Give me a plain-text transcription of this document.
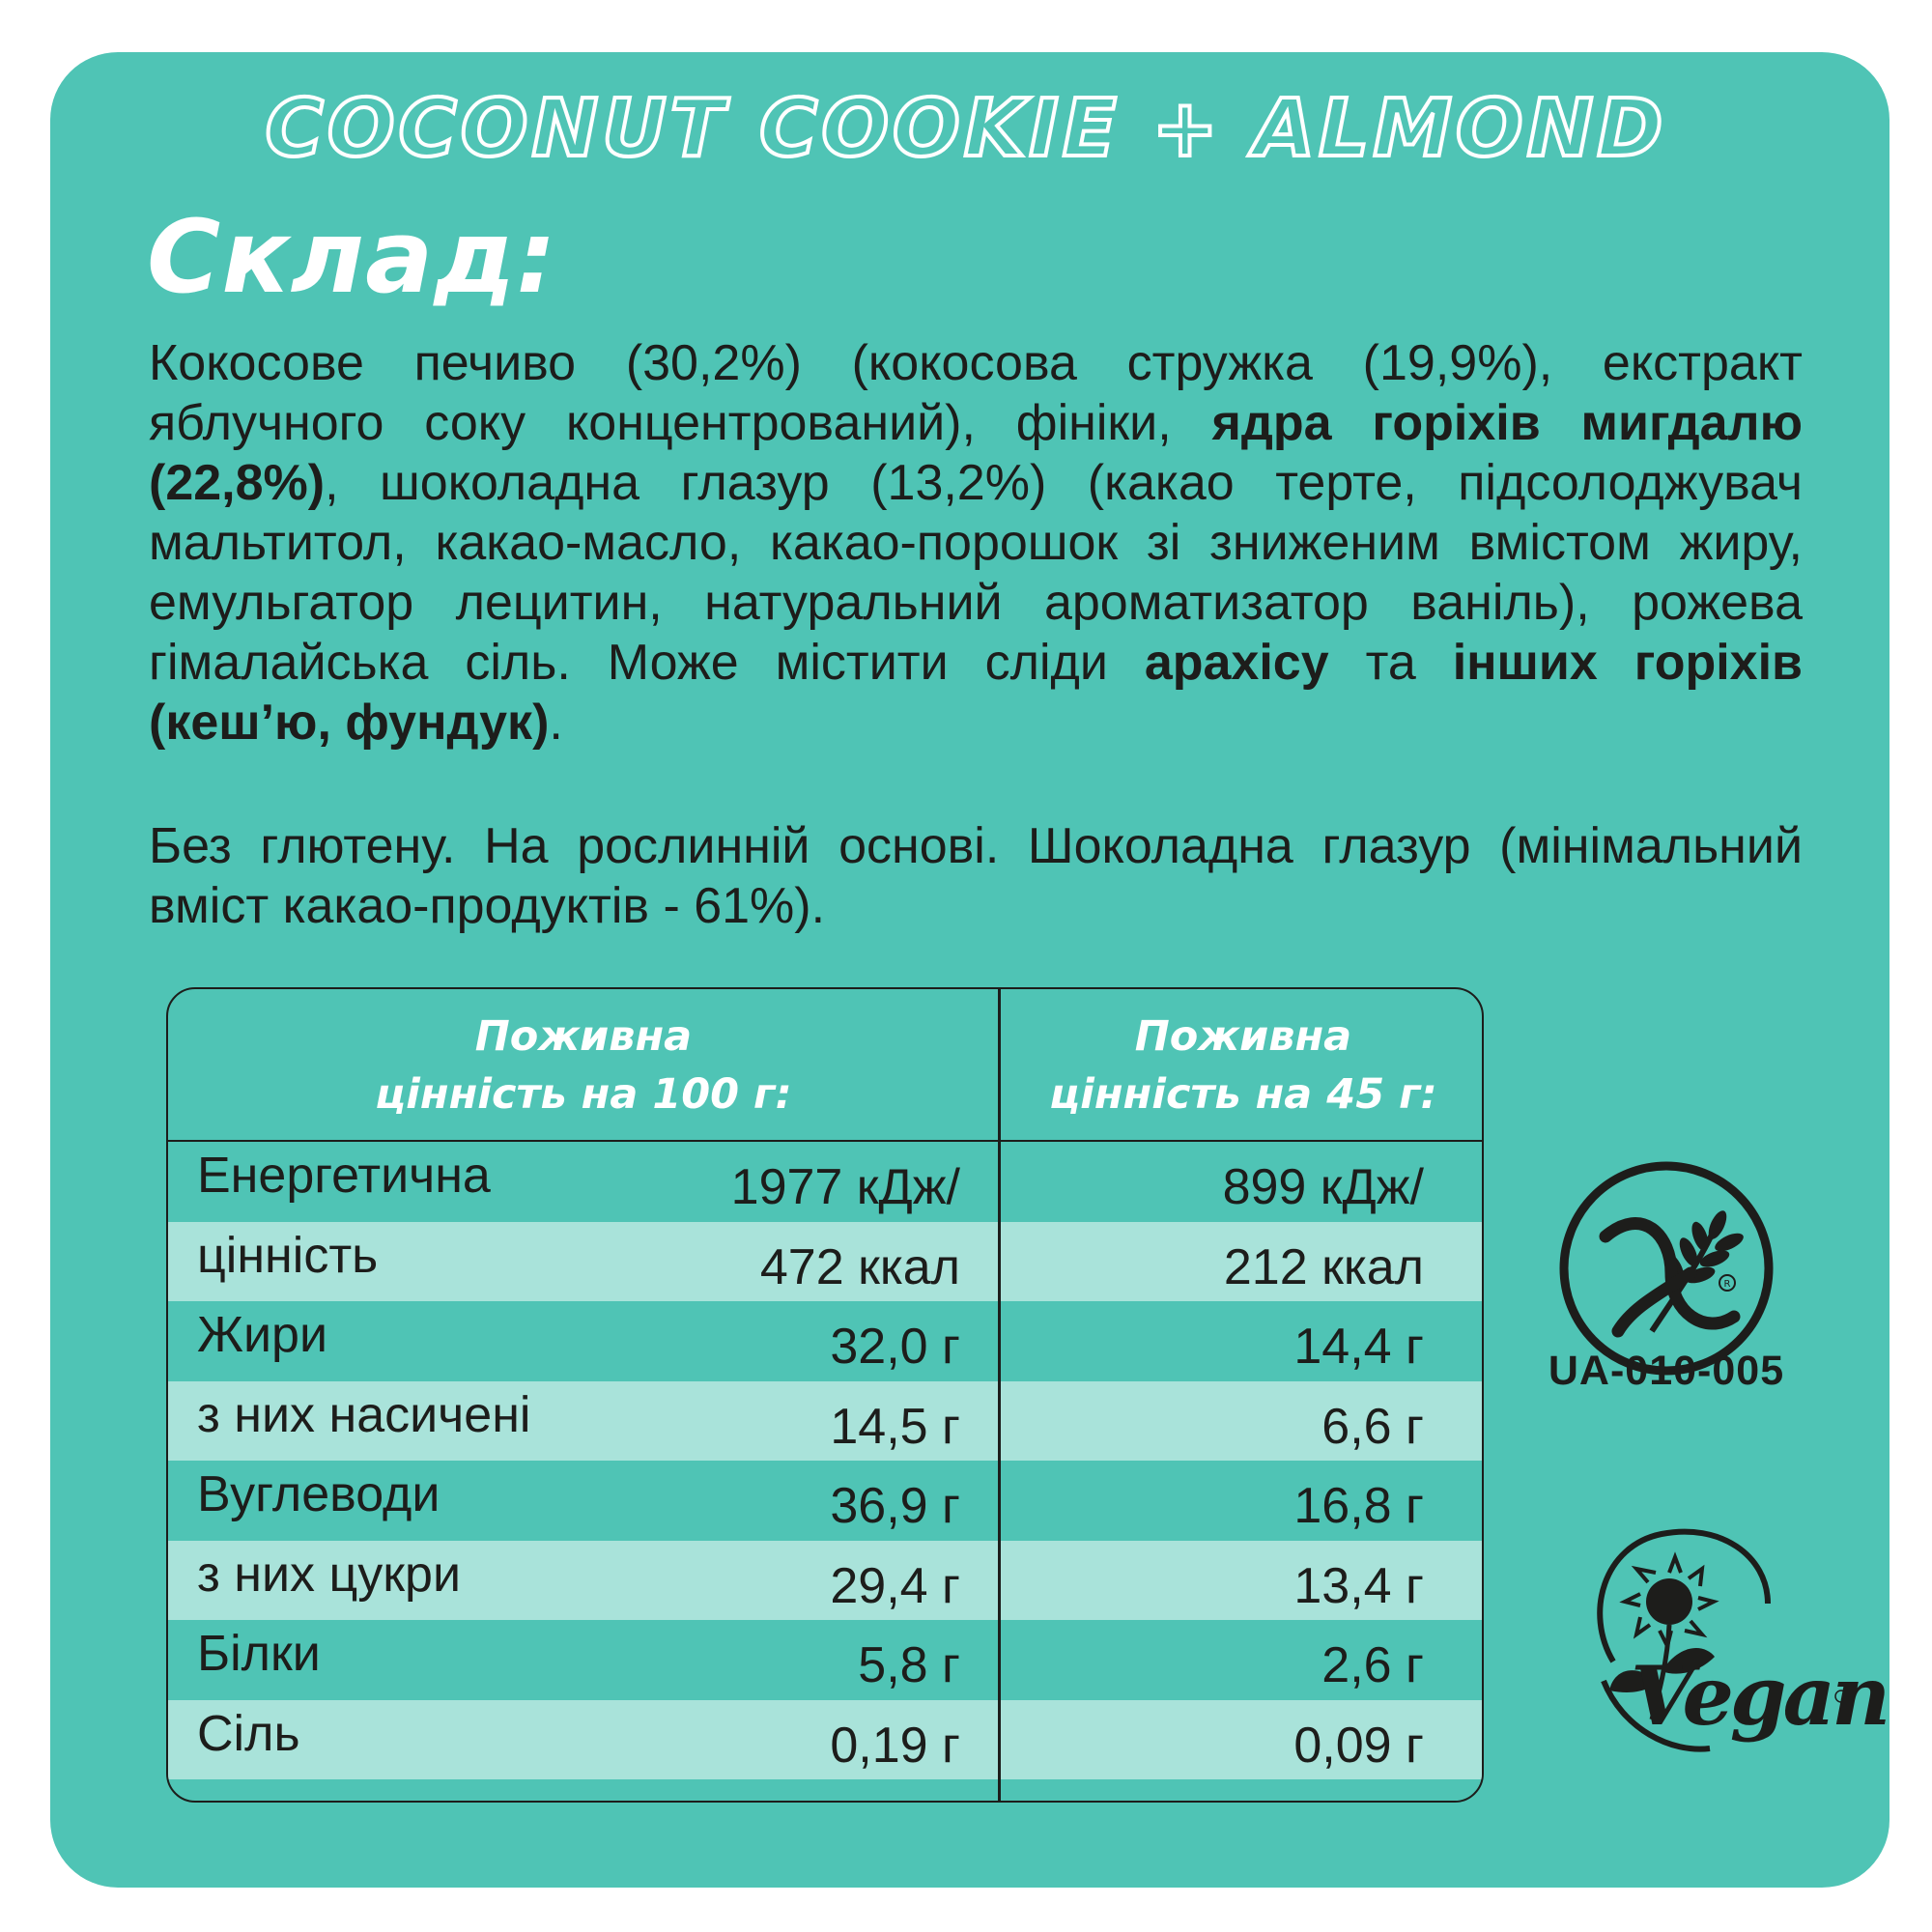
COCONUT COOKIE + ALMOND
Склад:
Кокосове печиво (30,2%) (кокосова стружка (19,9%), екстракт яблучного соку концентрований), фініки, ядра горіхів мигдалю (22,8%), шоколадна глазур (13,2%) (какао терте, підсолоджувач мальтитол, какао-масло, какао-порошок зі зниженим вмістом жиру, емульгатор лецитин, натуральний ароматизатор ваніль), рожева гімалайська сіль. Може містити сліди арахісу та інших горіхів (кеш’ю, фундук).
Без глютену. На рослинній основі. Шоколадна глазур (мінімальний вміст какао-продуктів - 61%).
Поживна
цінність на 100 г:
Поживна
цінність на 45 г:
Енергетична	1977 кДж/	899 кДж/
цінність	472 ккал	212 ккал
Жири	32,0 г	14,4 г
з них насичені	14,5 г	6,6 г
Вуглеводи	36,9 г	16,8 г
з них цукри	29,4 г	13,4 г
Білки	5,8 г	2,6 г
Сіль	0,19 г	0,09 г
R
UA-010-005
Vegan
